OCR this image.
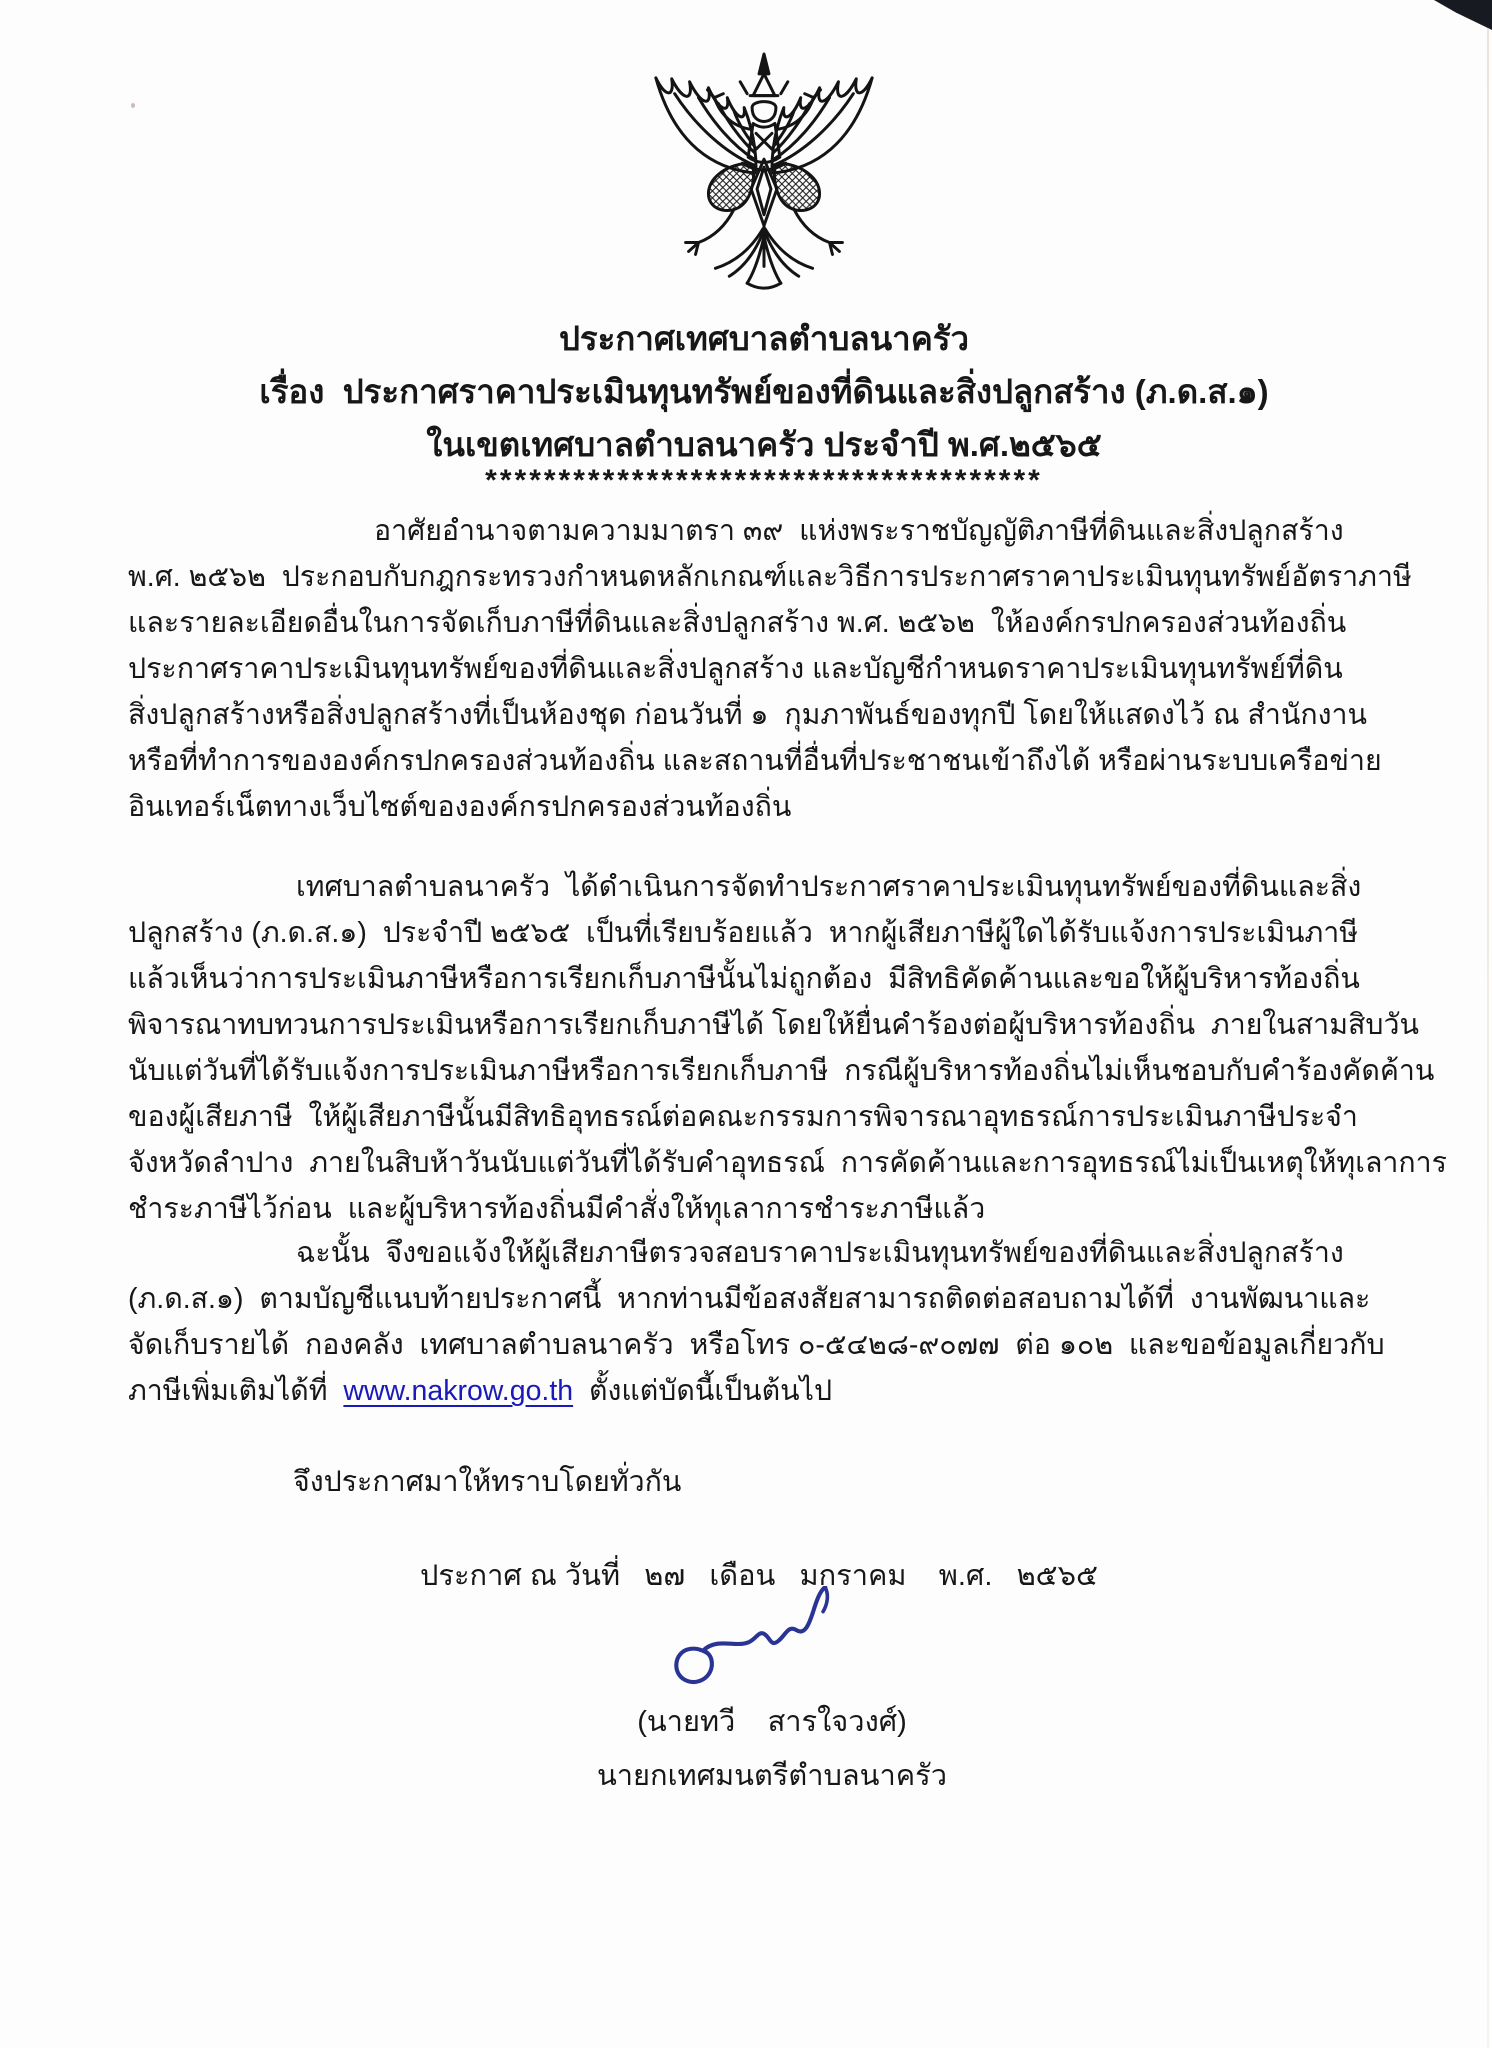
ประกาศเทศบาลตำบลนาครัว
เรื่อง  ประกาศราคาประเมินทุนทรัพย์ของที่ดินและสิ่งปลูกสร้าง (ภ.ด.ส.๑)
ในเขตเทศบาลตำบลนาครัว ประจำปี พ.ศ.๒๕๖๕
**************************************
อาศัยอำนาจตามความมาตรา ๓๙  แห่งพระราชบัญญัติภาษีที่ดินและสิ่งปลูกสร้าง
พ.ศ. ๒๕๖๒  ประกอบกับกฎกระทรวงกำหนดหลักเกณฑ์และวิธีการประกาศราคาประเมินทุนทรัพย์อัตราภาษี
และรายละเอียดอื่นในการจัดเก็บภาษีที่ดินและสิ่งปลูกสร้าง พ.ศ. ๒๕๖๒  ให้องค์กรปกครองส่วนท้องถิ่น
ประกาศราคาประเมินทุนทรัพย์ของที่ดินและสิ่งปลูกสร้าง และบัญชีกำหนดราคาประเมินทุนทรัพย์ที่ดิน
สิ่งปลูกสร้างหรือสิ่งปลูกสร้างที่เป็นห้องชุด ก่อนวันที่ ๑  กุมภาพันธ์ของทุกปี โดยให้แสดงไว้ ณ สำนักงาน
หรือที่ทำการขององค์กรปกครองส่วนท้องถิ่น และสถานที่อื่นที่ประชาชนเข้าถึงได้ หรือผ่านระบบเครือข่าย
อินเทอร์เน็ตทางเว็บไซต์ขององค์กรปกครองส่วนท้องถิ่น
เทศบาลตำบลนาครัว  ได้ดำเนินการจัดทำประกาศราคาประเมินทุนทรัพย์ของที่ดินและสิ่ง
ปลูกสร้าง (ภ.ด.ส.๑)  ประจำปี ๒๕๖๕  เป็นที่เรียบร้อยแล้ว  หากผู้เสียภาษีผู้ใดได้รับแจ้งการประเมินภาษี
แล้วเห็นว่าการประเมินภาษีหรือการเรียกเก็บภาษีนั้นไม่ถูกต้อง  มีสิทธิคัดค้านและขอให้ผู้บริหารท้องถิ่น
พิจารณาทบทวนการประเมินหรือการเรียกเก็บภาษีได้ โดยให้ยื่นคำร้องต่อผู้บริหารท้องถิ่น  ภายในสามสิบวัน
นับแต่วันที่ได้รับแจ้งการประเมินภาษีหรือการเรียกเก็บภาษี  กรณีผู้บริหารท้องถิ่นไม่เห็นชอบกับคำร้องคัดค้าน
ของผู้เสียภาษี  ให้ผู้เสียภาษีนั้นมีสิทธิอุทธรณ์ต่อคณะกรรมการพิจารณาอุทธรณ์การประเมินภาษีประจำ
จังหวัดลำปาง  ภายในสิบห้าวันนับแต่วันที่ได้รับคำอุทธรณ์  การคัดค้านและการอุทธรณ์ไม่เป็นเหตุให้ทุเลาการ
ชำระภาษีไว้ก่อน  และผู้บริหารท้องถิ่นมีคำสั่งให้ทุเลาการชำระภาษีแล้ว
ฉะนั้น  จึงขอแจ้งให้ผู้เสียภาษีตรวจสอบราคาประเมินทุนทรัพย์ของที่ดินและสิ่งปลูกสร้าง
(ภ.ด.ส.๑)  ตามบัญชีแนบท้ายประกาศนี้  หากท่านมีข้อสงสัยสามารถติดต่อสอบถามได้ที่  งานพัฒนาและ
จัดเก็บรายได้  กองคลัง  เทศบาลตำบลนาครัว  หรือโทร ๐-๕๔๒๘-๙๐๗๗  ต่อ ๑๐๒  และขอข้อมูลเกี่ยวกับ
ภาษีเพิ่มเติมได้ที่  www.nakrow.go.th  ตั้งแต่บัดนี้เป็นต้นไป
จึงประกาศมาให้ทราบโดยทั่วกัน
ประกาศ ณ วันที่   ๒๗   เดือน   มกราคม    พ.ศ.   ๒๕๖๕
(นายทวี    สารใจวงศ์)
นายกเทศมนตรีตำบลนาครัว
